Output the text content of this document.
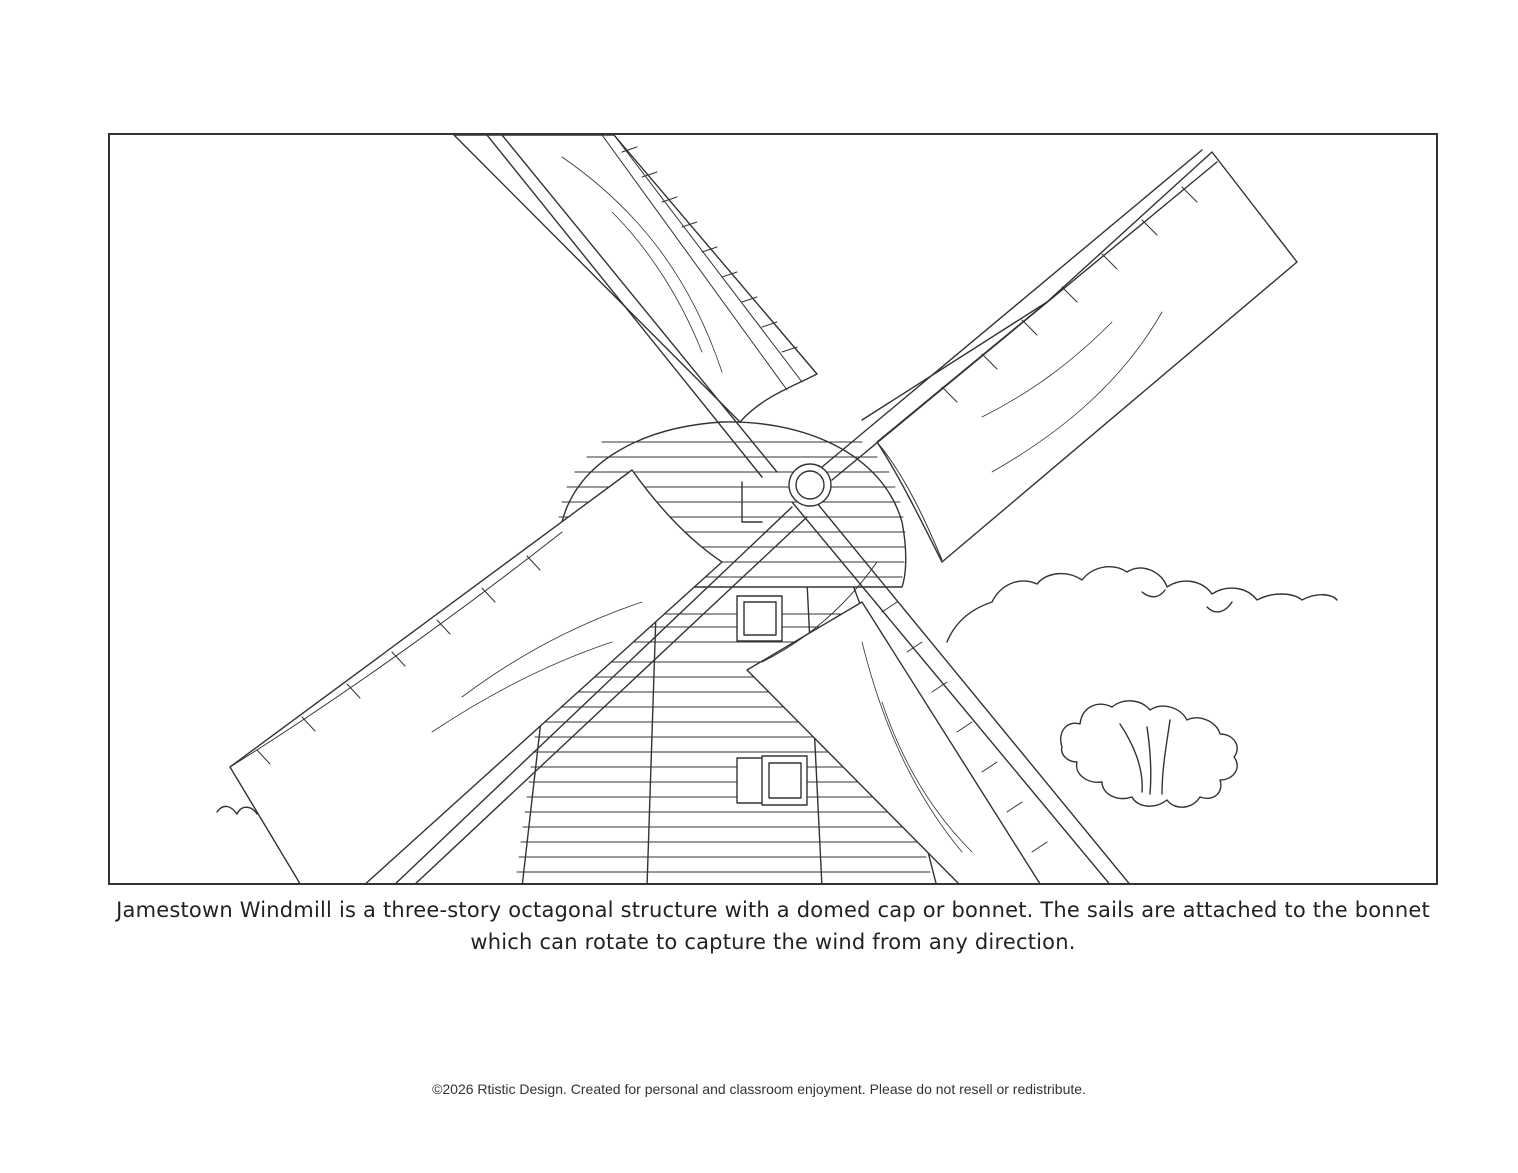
Jamestown Windmill is a three-story octagonal structure with a domed cap or bonnet. The sails are attached to the bonnet which can rotate to capture the wind from any direction.
©2026 Rtistic Design. Created for personal and classroom enjoyment. Please do not resell or redistribute.
